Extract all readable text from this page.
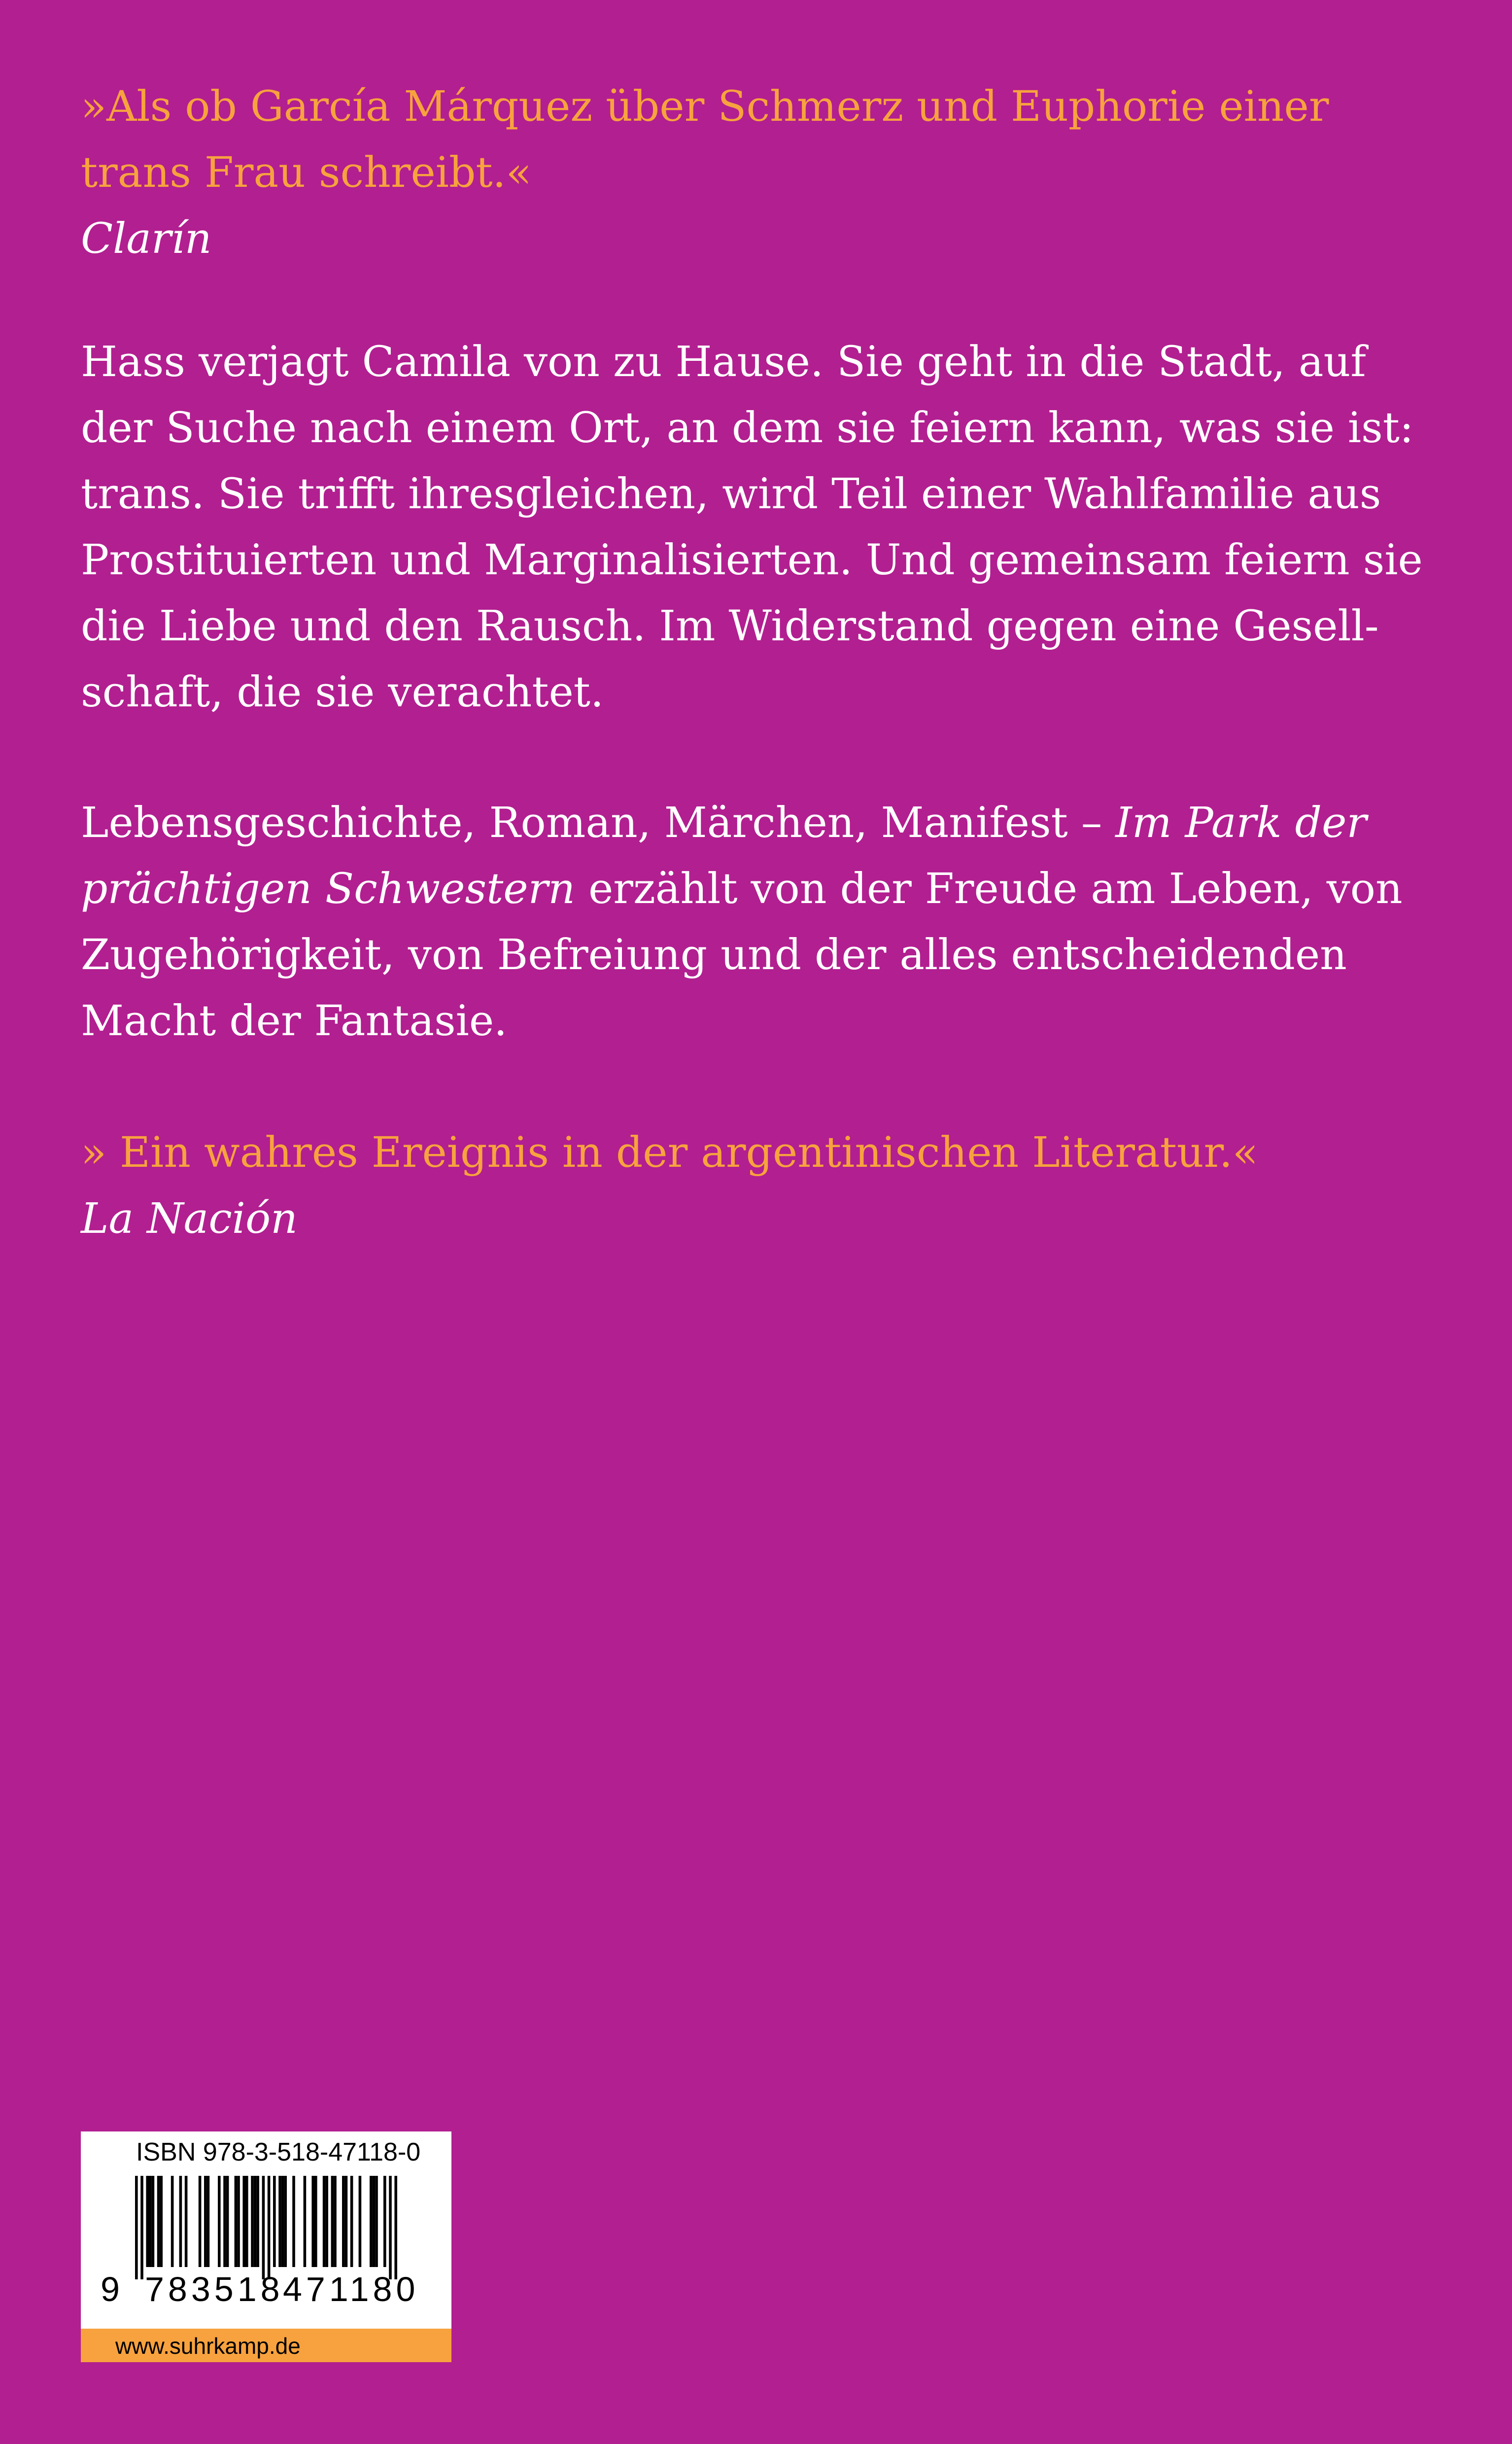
»Als ob García Márquez über Schmerz und Euphorie einer
trans Frau schreibt.«
Clarín
Hass verjagt Camila von zu Hause. Sie geht in die Stadt, auf
der Suche nach einem Ort, an dem sie feiern kann, was sie ist:
trans. Sie trifft ihresgleichen, wird Teil einer Wahlfamilie aus
Prostituierten und Marginalisierten. Und gemeinsam feiern sie
die Liebe und den Rausch. Im Widerstand gegen eine Gesell-
schaft, die sie verachtet.
Lebensgeschichte, Roman, Märchen, Manifest – Im Park der
prächtigen Schwestern erzählt von der Freude am Leben, von
Zugehörigkeit, von Befreiung und der alles entscheidenden
Macht der Fantasie.
» Ein wahres Ereignis in der argentinischen Literatur.«
La Nación
ISBN 978-3-518-47118-0
9 783518
471180
www.suhrkamp.de
